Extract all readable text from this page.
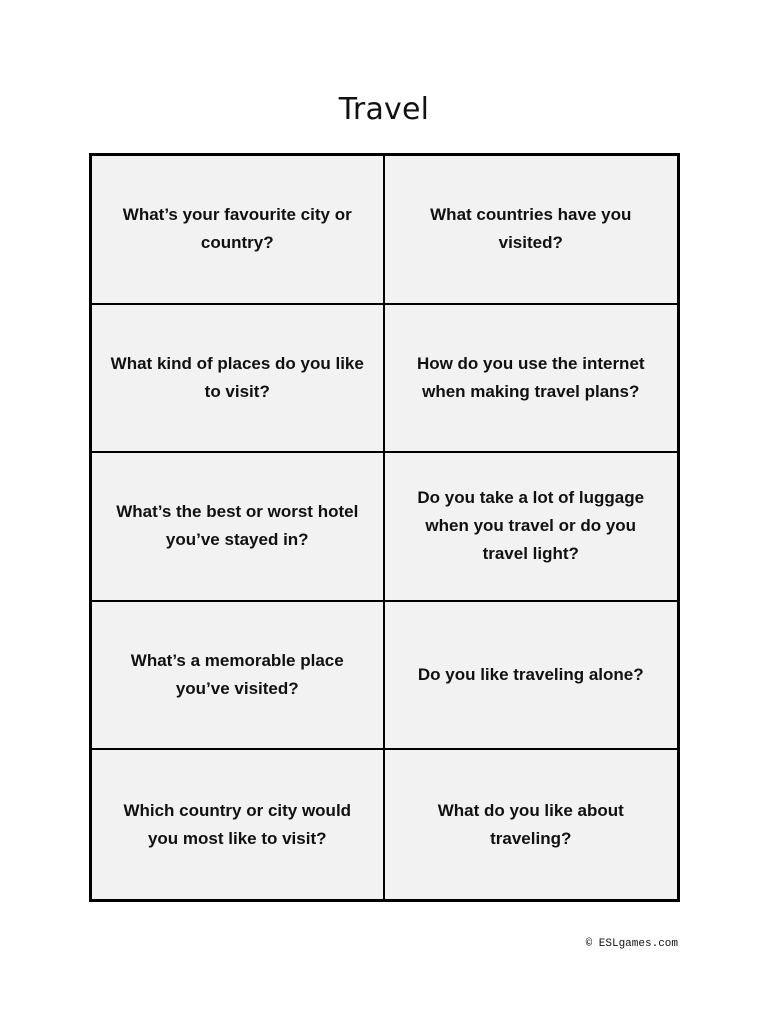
Travel
What’s your favourite city or country?
What countries have you visited?
What kind of places do you like to visit?
How do you use the internet when making travel plans?
What’s the best or worst hotel you’ve stayed in?
Do you take a lot of luggage when you travel or do you travel light?
What’s a memorable place you’ve visited?
Do you like traveling alone?
Which country or city would you most like to visit?
What do you like about traveling?
© ESLgames.com
